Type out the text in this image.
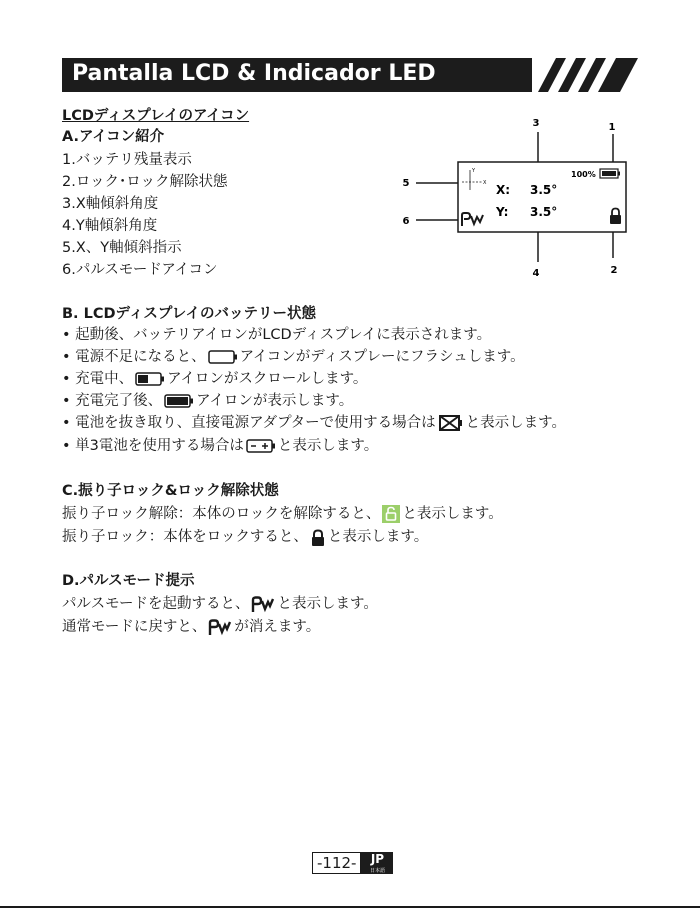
Pantalla LCD & Indicador LED
LCDディスプレイのアイコン
A.アイコン紹介
1.バッテリ残量表示
2.ロック･ロック解除状態
3.X軸傾斜角度
4.Y軸傾斜角度
5.X、Y軸傾斜指示
6.パルスモードアイコン
3	1
5
6
4	2
Y
X
100%
X: 3.5°
Y: 3.5°
B. LCDディスプレイのバッテリー状態
• 起動後、バッテリアイロンがLCDディスプレイに表示されます。
• 電源不足になると、 アイコンがディスプレーにフラシュします。
• 充電中、 アイロンがスクロールします。
• 充電完了後、 アイロンが表示します。
• 電池を抜き取り、直接電源アダプターで使用する場合は と表示します。
• 単3電池を使用する場合は と表示します。
C.振り子ロック&ロック解除状態
振り子ロック解除：本体のロックを解除すると、 と表示します。
振り子ロック：本体をロックすると、 と表示します。
D.パルスモード提示
パルスモードを起動すると、 と表示します。
通常モードに戻すと、 が消えます。
-112-	JP
日本語
